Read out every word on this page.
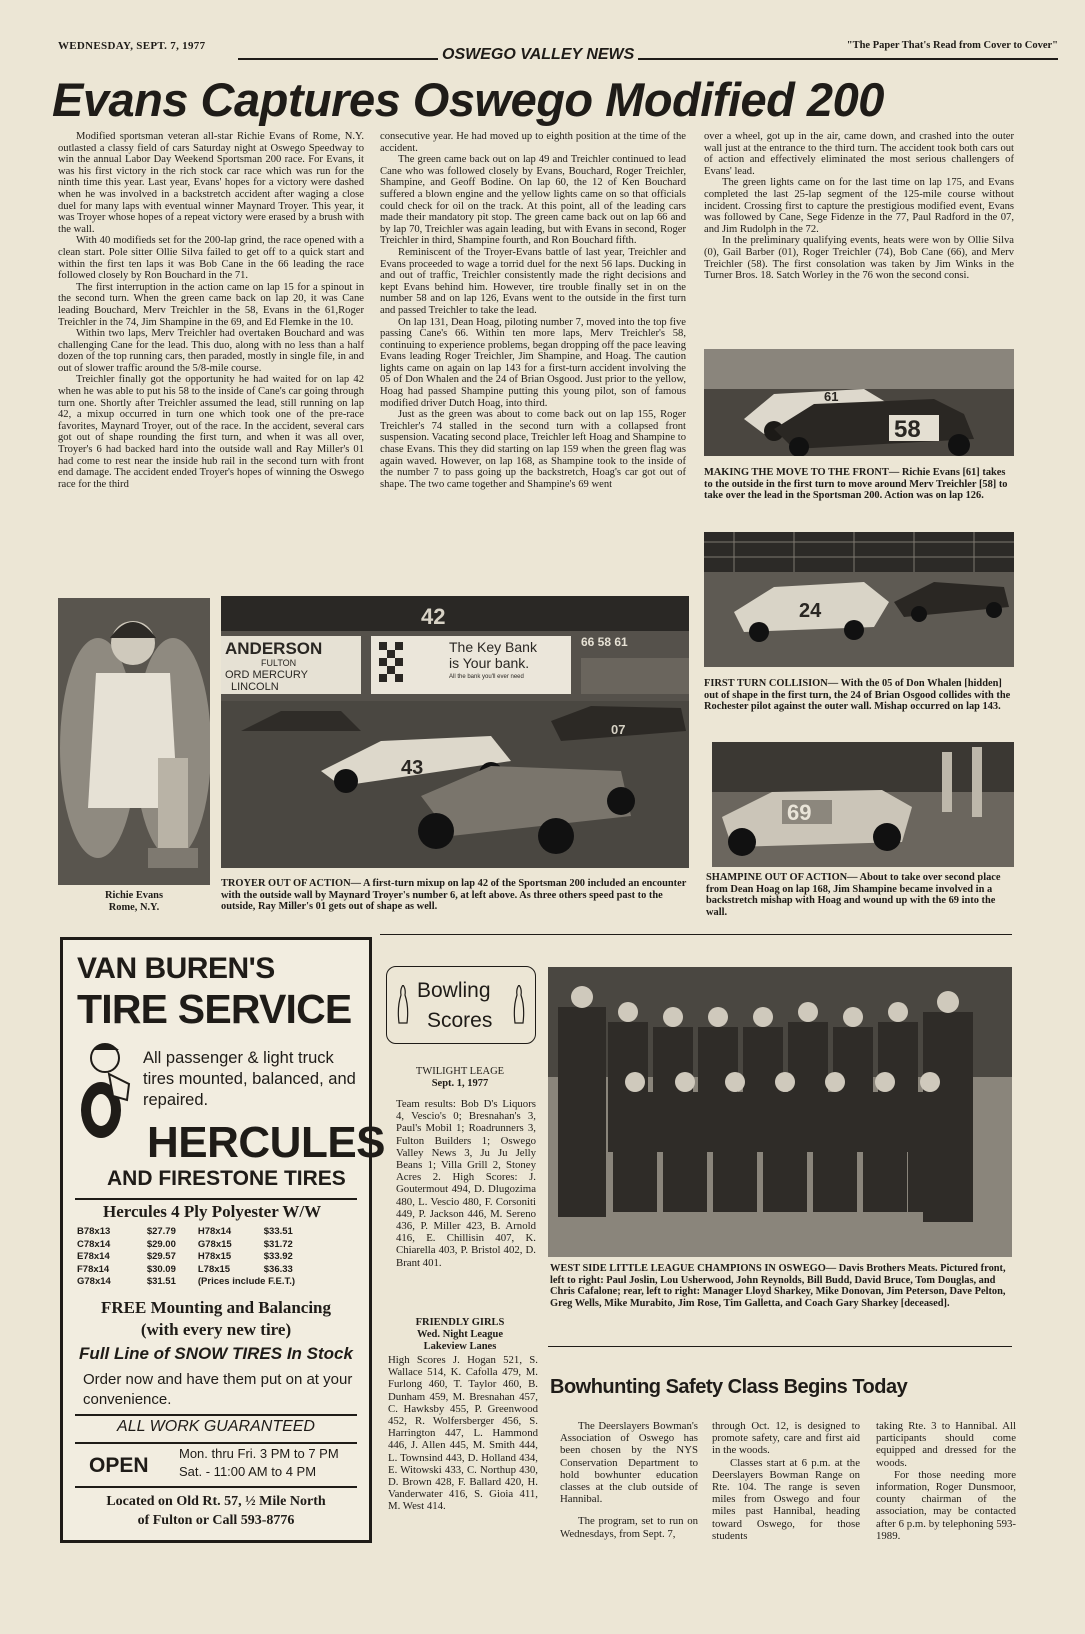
WEDNESDAY, SEPT. 7, 1977	OSWEGO VALLEY NEWS
"The Paper That's Read from Cover to Cover"
Evans Captures Oswego Modified 200

Modified sportsman veteran all-star Richie Evans of Rome, N.Y. outlasted a classy field of cars Saturday night at Oswego Speedway to win the annual Labor Day Weekend Sportsman 200 race. For Evans, it was his first victory in the rich stock car race which was run for the ninth time this year. Last year, Evans' hopes for a victory were dashed when he was involved in a backstretch accident after waging a close duel for many laps with eventual winner Maynard Troyer. This year, it was Troyer whose hopes of a repeat victory were erased by a brush with the wall.

With 40 modifieds set for the 200-lap grind, the race opened with a clean start. Pole sitter Ollie Silva failed to get off to a quick start and within the first ten laps it was Bob Cane in the 66 leading the race followed closely by Ron Bouchard in the 71.

The first interruption in the action came on lap 15 for a spinout in the second turn. When the green came back on lap 20, it was Cane leading Bouchard, Merv Treichler in the 58, Evans in the 61,Roger Treichler in the 74, Jim Shampine in the 69, and Ed Flemke in the 10.

Within two laps, Merv Treichler had overtaken Bouchard and was challenging Cane for the lead. This duo, along with no less than a half dozen of the top running cars, then paraded, mostly in single file, in and out of slower traffic around the 5/8-mile course.

Treichler finally got the opportunity he had waited for on lap 42 when he was able to put his 58 to the inside of Cane's car going through turn one. Shortly after Treichler assumed the lead, still running on lap 42, a mixup occurred in turn one which took one of the pre-race favorites, Maynard Troyer, out of the race. In the accident, several cars got out of shape rounding the first turn, and when it was all over, Troyer's 6 had backed hard into the outside wall and Ray Miller's 01 had come to rest near the inside hub rail in the second turn with front end damage. The accident ended Troyer's hopes of winning the Oswego race for the third

consecutive year. He had moved up to eighth position at the time of the accident.

The green came back out on lap 49 and Treichler continued to lead Cane who was followed closely by Evans, Bouchard, Roger Treichler, Shampine, and Geoff Bodine. On lap 60, the 12 of Ken Bouchard suffered a blown engine and the yellow lights came on so that officials could check for oil on the track. At this point, all of the leading cars made their mandatory pit stop. The green came back out on lap 66 and by lap 70, Treichler was again leading, but with Evans in second, Roger Treichler in third, Shampine fourth, and Ron Bouchard fifth.

Reminiscent of the Troyer-Evans battle of last year, Treichler and Evans proceeded to wage a torrid duel for the next 56 laps. Ducking in and out of traffic, Treichler consistently made the right decisions and kept Evans behind him. However, tire trouble finally set in on the number 58 and on lap 126, Evans went to the outside in the first turn and passed Treichler to take the lead.

On lap 131, Dean Hoag, piloting number 7, moved into the top five passing Cane's 66. Within ten more laps, Merv Treichler's 58, continuing to experience problems, began dropping off the pace leaving Evans leading Roger Treichler, Jim Shampine, and Hoag. The caution lights came on again on lap 143 for a first-turn accident involving the 05 of Don Whalen and the 24 of Brian Osgood. Just prior to the yellow, Hoag had passed Shampine putting this young pilot, son of famous modified driver Dutch Hoag, into third.

Just as the green was about to come back out on lap 155, Roger Treichler's 74 stalled in the second turn with a collapsed front suspension. Vacating second place, Treichler left Hoag and Shampine to chase Evans. This they did starting on lap 159 when the green flag was again waved. However, on lap 168, as Shampine took to the inside of the number 7 to pass going up the backstretch, Hoag's car got out of shape. The two came together and Shampine's 69 went

over a wheel, got up in the air, came down, and crashed into the outer wall just at the entrance to the third turn. The accident took both cars out of action and effectively eliminated the most serious challengers of Evans' lead.

The green lights came on for the last time on lap 175, and Evans completed the last 25-lap segment of the 125-mile course without incident. Crossing first to capture the prestigious modified event, Evans was followed by Cane, Sege Fidenze in the 77, Paul Radford in the 07, and Jim Rudolph in the 72.

In the preliminary qualifying events, heats were won by Ollie Silva (0), Gail Barber (01), Roger Treichler (74), Bob Cane (66), and Merv Treichler (58). The first consolation was taken by Jim Winks in the Turner Bros. 18. Satch Worley in the 76 won the second consi.

58
61
MAKING THE MOVE TO THE FRONT— Richie Evans [61] takes to the outside in the first turn to move around Merv Treichler [58] to take over the lead in the Sportsman 200. Action was on lap 126.
24
FIRST TURN COLLISION— With the 05 of Don Whalen [hidden] out of shape in the first turn, the 24 of Brian Osgood collides with the Rochester pilot against the outer wall. Mishap occurred on lap 143.
69
SHAMPINE OUT OF ACTION— About to take over second place from Dean Hoag on lap 168, Jim Shampine became involved in a backstretch mishap with Hoag and wound up with the 69 into the wall.
Richie Evans
Rome, N.Y.
42
ANDERSON
FULTON
ORD MERCURY
LINCOLN
The Key Bank
is Your bank.
All the bank you'll ever need
66 58 61
43
07
TROYER OUT OF ACTION— A first-turn mixup on lap 42 of the Sportsman 200 included an encounter with the outside wall by Maynard Troyer's number 6, at left above. As three others speed past to the outside, Ray Miller's 01 gets out of shape as well.
VAN BUREN'S
TIRE SERVICE
All passenger & light truck tires mounted, balanced, and repaired.
HERCULES
AND FIRESTONE TIRES
Hercules 4 Ply Polyester W/W
B78x13	$27.79	H78x14	$33.51
C78x14	$29.00	G78x15	$31.72
E78x14	$29.57	H78x15	$33.92
F78x14	$30.09	L78x15	$36.33
G78x14	$31.51	(Prices include F.E.T.)	
FREE Mounting and Balancing
(with every new tire)
Full Line of SNOW TIRES In Stock
Order now and have them put on at your convenience.
ALL WORK GUARANTEED
OPEN
Mon. thru Fri. 3 PM to 7 PM
Sat. - 11:00 AM to 4 PM
Located on Old Rt. 57, ½ Mile North
of Fulton or Call 593-8776
Bowling
Scores
TWILIGHT LEAGE
Sept. 1, 1977
Team results: Bob D's Liquors 4, Vescio's 0; Bresnahan's 3, Paul's Mobil 1; Roadrunners 3, Fulton Builders 1; Oswego Valley News 3, Ju Ju Jelly Beans 1; Villa Grill 2, Stoney Acres 2. High Scores: J. Goutermout 494, D. Dlugozima 480, L. Vescio 480, F. Corsoniti 449, P. Jackson 446, M. Sereno 436, P. Miller 423, B. Arnold 416, E. Chillisin 407, K. Chiarella 403, P. Bristol 402, D. Brant 401.
FRIENDLY GIRLS
Wed. Night League
Lakeview Lanes
High Scores J. Hogan 521, S. Wallace 514, K. Cafolla 479, M. Furlong 460, T. Taylor 460, B. Dunham 459, M. Bresnahan 457, C. Hawksby 455, P. Greenwood 452, R. Wolfersberger 456, S. Harrington 447, L. Hammond 446, J. Allen 445, M. Smith 444, L. Townsind 443, D. Holland 434, E. Witowski 433, C. Northup 430, D. Brown 428, F. Ballard 420, H. Vanderwater 416, S. Gioia 411, M. West 414.
WEST SIDE LITTLE LEAGUE CHAMPIONS IN OSWEGO— Davis Brothers Meats. Pictured front, left to right: Paul Joslin, Lou Usherwood, John Reynolds, Bill Budd, David Bruce, Tom Douglas, and Chris Cafalone; rear, left to right: Manager Lloyd Sharkey, Mike Donovan, Jim Peterson, Dave Pelton, Greg Wells, Mike Murabito, Jim Rose, Tim Galletta, and Coach Gary Sharkey [deceased].
Bowhunting Safety Class Begins Today

The Deerslayers Bowman's Association of Oswego has been chosen by the NYS Conservation Department to hold bowhunter education classes at the club outside of Hannibal.

The program, set to run on Wednesdays, from Sept. 7,

through Oct. 12, is designed to promote safety, care and first aid in the woods.

Classes start at 6 p.m. at the Deerslayers Bowman Range on Rte. 104. The range is seven miles from Oswego and four miles past Hannibal, heading toward Oswego, for those students

taking Rte. 3 to Hannibal. All participants should come equipped and dressed for the woods.

For those needing more information, Roger Dunsmoor, county chairman of the association, may be contacted after 6 p.m. by telephoning 593-1989.
